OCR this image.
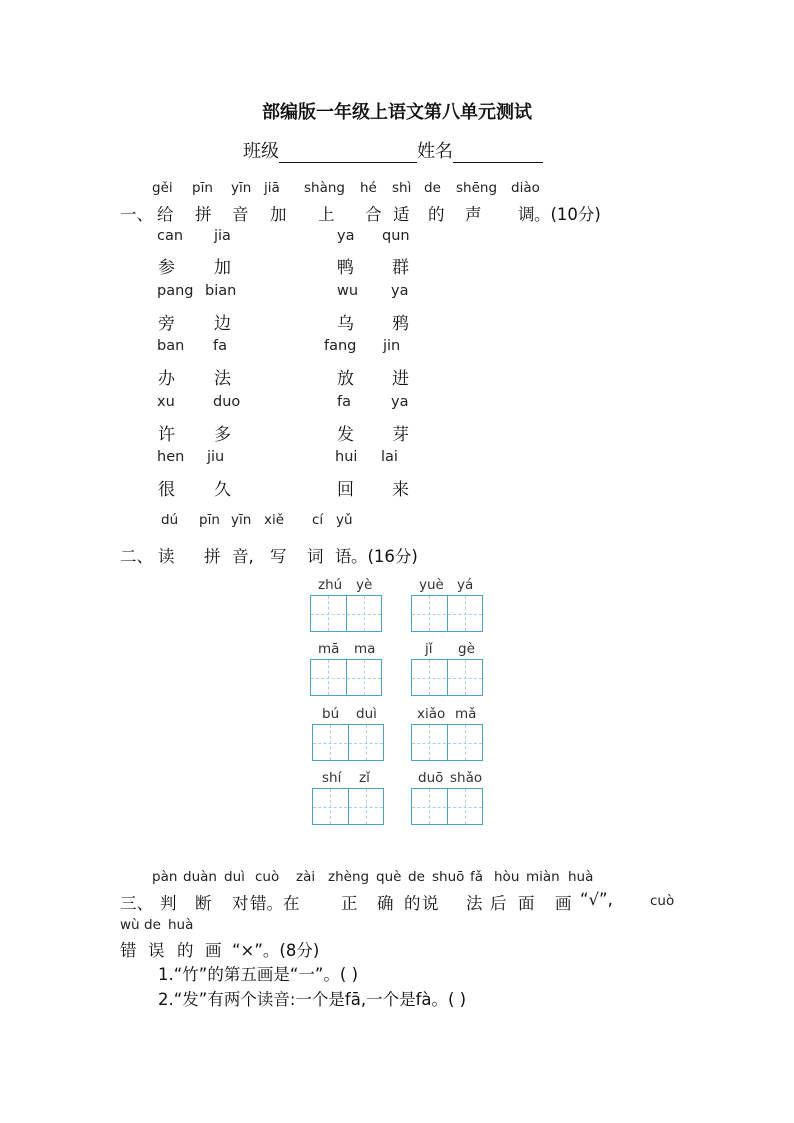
部编版一年级上语文第八单元测试
班级	姓名
gěi pīn yīn jiā shàng hé shì de shēng diào
一、 给 拼 音 加 上 合 适 的 声 调 。(10分)
can jia
参 加
ya qun
鸭 群
pang bian
旁 边
wu ya
乌 鸦
ban fa
办 法
fang jin
放 进
xu	duo
许 多
fa	ya
发 芽
hen jiu
很 久
hui lai
回 来
dú pīn yīn xiě cí yǔ
二、 读 拼 音, 写 词 语 。(16分)
zhú yè	yuè yá
mā ma	jǐ gè
bú duì	xiǎo mǎ
shí zǐ	duō shǎo
pàn duàn duì cuò zài zhèng què de shuō fǎ hòu miàn huà
三、 判 断 对 错。在	正 确 的 说 法 后 面 画 “√”,	cuò
wù de huà
错 误 的 画 “×”。(8分)
1.“竹”的第五画是“一”。( )
2.“发”有两个读音:一个是fā,一个是fà。( )
